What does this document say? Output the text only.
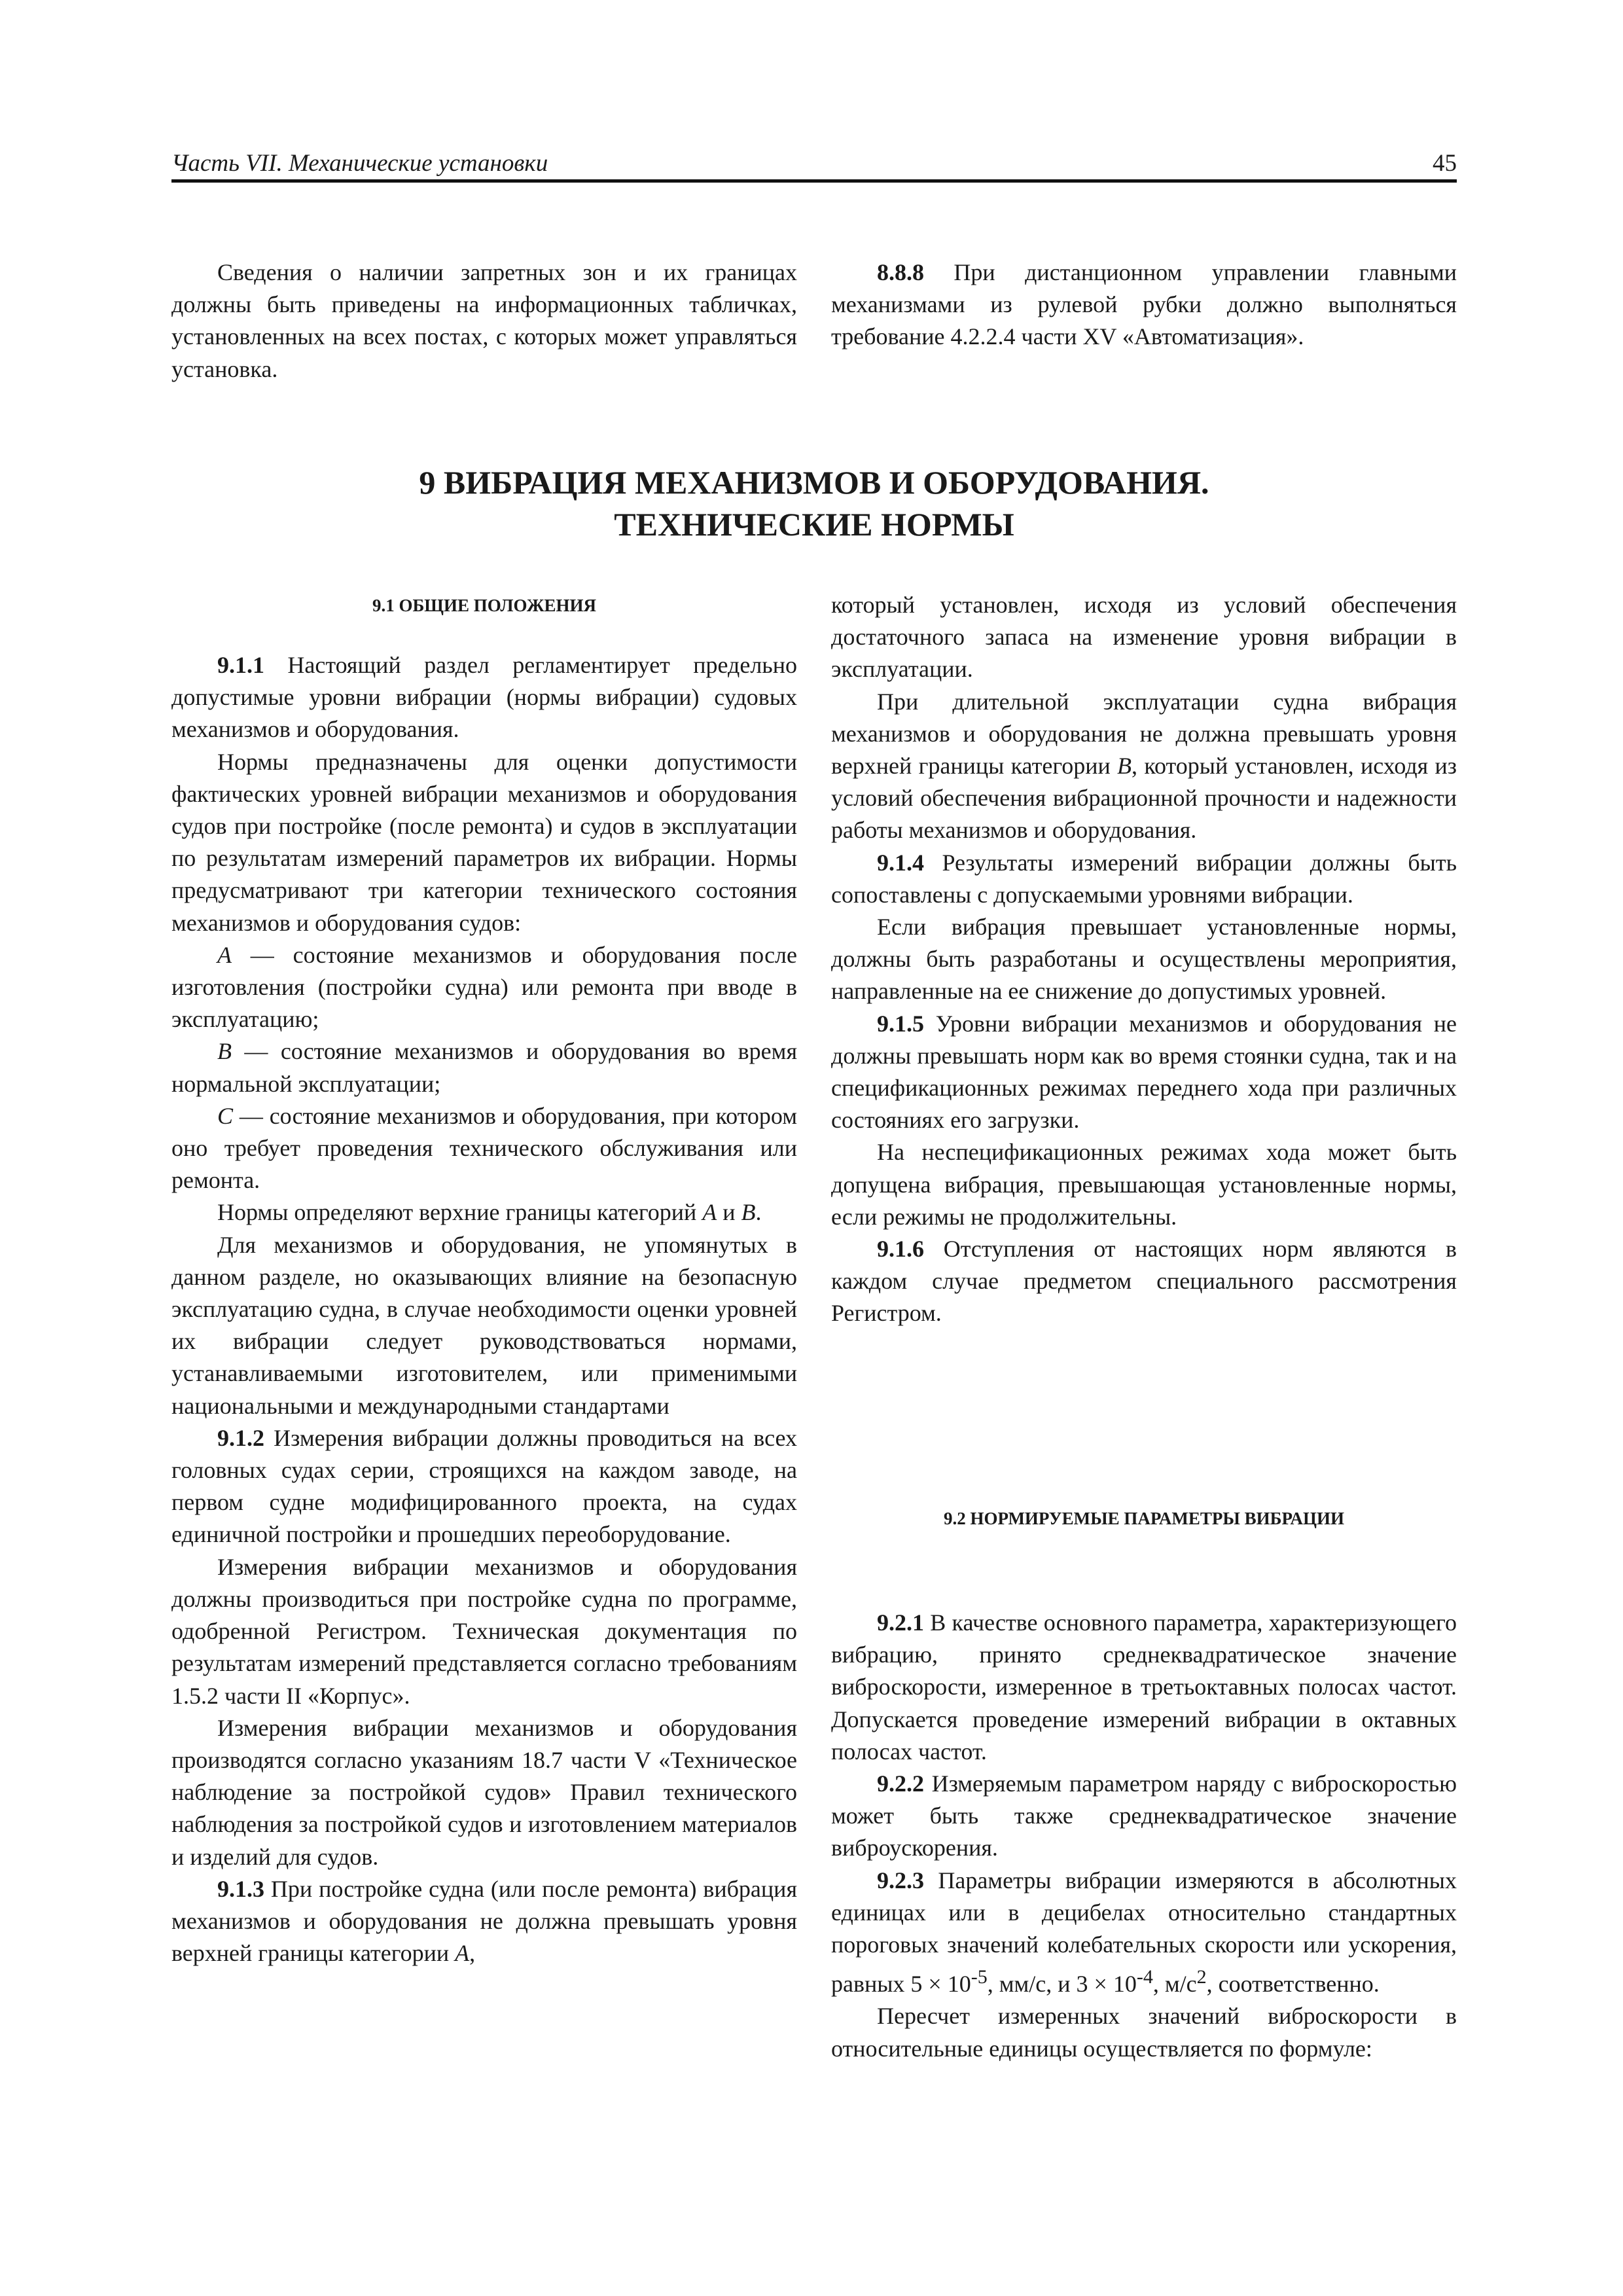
Часть VII. Механические установки	45

Сведения о наличии запретных зон и их границах должны быть приведены на информационных табличках, установленных на всех постах, с которых может управляться установка.

8.8.8 При дистанционном управлении главными механизмами из рулевой рубки должно выполняться требование 4.2.2.4 части XV «Автоматизация».

9 ВИБРАЦИЯ МЕХАНИЗМОВ И ОБОРУДОВАНИЯ.
ТЕХНИЧЕСКИЕ НОРМЫ
9.1 ОБЩИЕ ПОЛОЖЕНИЯ

9.1.1 Настоящий раздел регламентирует предельно допустимые уровни вибрации (нормы вибрации) судовых механизмов и оборудования.

Нормы предназначены для оценки допустимости фактических уровней вибрации механизмов и оборудования судов при постройке (после ремонта) и судов в эксплуатации по результатам измерений параметров их вибрации. Нормы предусматривают три категории технического состояния механизмов и оборудования судов:

A — состояние механизмов и оборудования после изготовления (постройки судна) или ремонта при вводе в эксплуатацию;

B — состояние механизмов и оборудования во время нормальной эксплуатации;

C — состояние механизмов и оборудования, при котором оно требует проведения технического обслуживания или ремонта.

Нормы определяют верхние границы категорий A и B.

Для механизмов и оборудования, не упомянутых в данном разделе, но оказывающих влияние на безопасную эксплуатацию судна, в случае необходимости оценки уровней их вибрации следует руководствоваться нормами, устанавливаемыми изготовителем, или применимыми национальными и международными стандартами

9.1.2 Измерения вибрации должны проводиться на всех головных судах серии, строящихся на каждом заводе, на первом судне модифицированного проекта, на судах единичной постройки и прошедших переоборудование.

Измерения вибрации механизмов и оборудования должны производиться при постройке судна по программе, одобренной Регистром. Техническая документация по результатам измерений представляется согласно требованиям 1.5.2 части II «Корпус».

Измерения вибрации механизмов и оборудования производятся согласно указаниям 18.7 части V «Техническое наблюдение за постройкой судов» Правил технического наблюдения за постройкой судов и изготовлением материалов и изделий для судов.

9.1.3 При постройке судна (или после ремонта) вибрация механизмов и оборудования не должна превышать уровня верхней границы категории A,

который установлен, исходя из условий обеспечения достаточного запаса на изменение уровня вибрации в эксплуатации.

При длительной эксплуатации судна вибрация механизмов и оборудования не должна превышать уровня верхней границы категории B, который установлен, исходя из условий обеспечения вибрационной прочности и надежности работы механизмов и оборудования.

9.1.4 Результаты измерений вибрации должны быть сопоставлены с допускаемыми уровнями вибрации.

Если вибрация превышает установленные нормы, должны быть разработаны и осуществлены мероприятия, направленные на ее снижение до допустимых уровней.

9.1.5 Уровни вибрации механизмов и оборудования не должны превышать норм как во время стоянки судна, так и на спецификационных режимах переднего хода при различных состояниях его загрузки.

На неспецификационных режимах хода может быть допущена вибрация, превышающая установленные нормы, если режимы не продолжительны.

9.1.6 Отступления от настоящих норм являются в каждом случае предметом специального рассмотрения Регистром.

9.2 НОРМИРУЕМЫЕ ПАРАМЕТРЫ ВИБРАЦИИ

9.2.1 В качестве основного параметра, характеризующего вибрацию, принято среднеквадратическое значение виброскорости, измеренное в третьоктавных полосах частот. Допускается проведение измерений вибрации в октавных полосах частот.

9.2.2 Измеряемым параметром наряду с виброскоростью может быть также среднеквадратическое значение виброускорения.

9.2.3 Параметры вибрации измеряются в абсолютных единицах или в децибелах относительно стандартных пороговых значений колебательных скорости или ускорения, равных $5 \times 10^{-5}$, мм/с, и $3 \times 10^{-4}$, $м/с^2$, соответственно.

Пересчет измеренных значений виброскорости в относительные единицы осуществляется по формуле:
